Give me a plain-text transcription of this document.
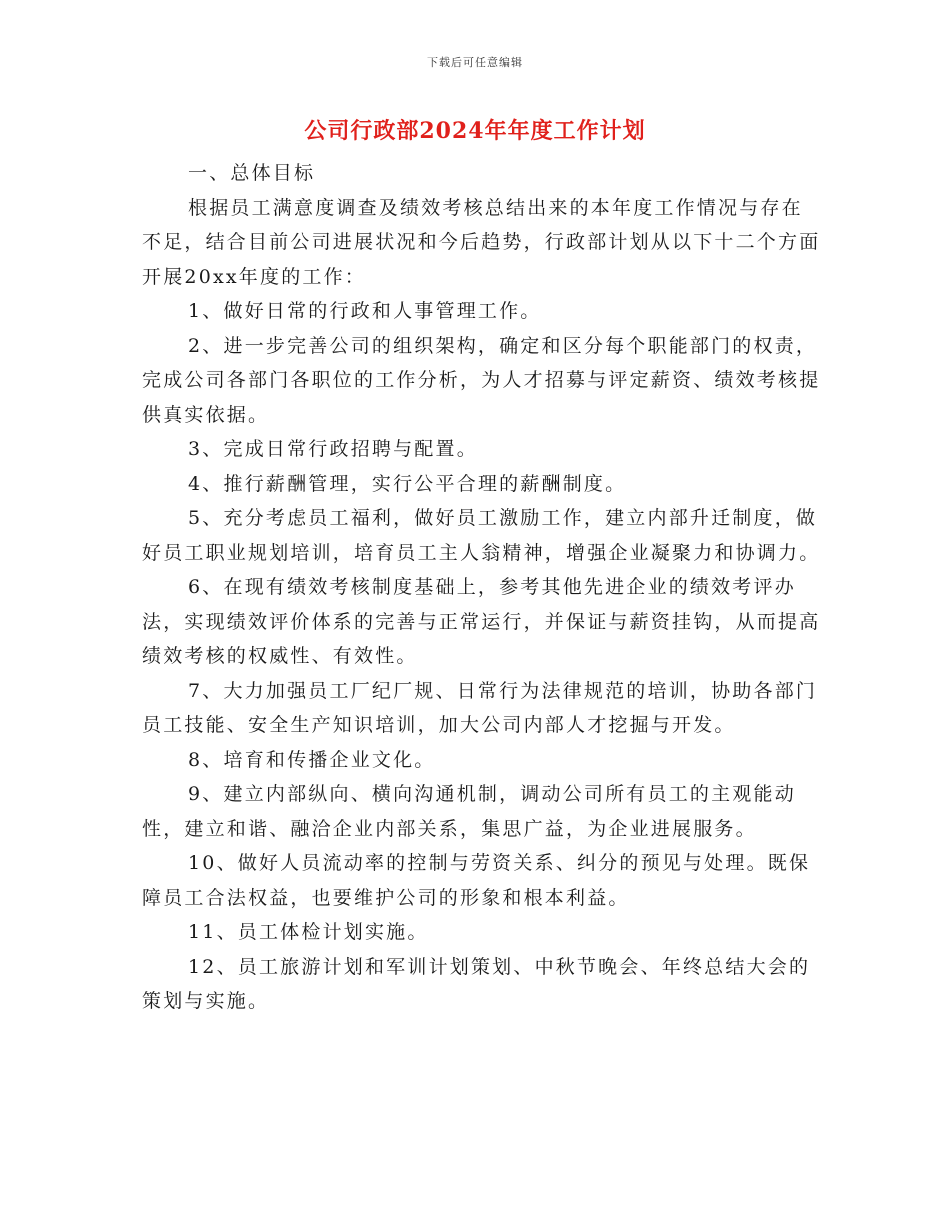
下载后可任意编辑
公司行政部2024年年度工作计划

一、总体目标

根据员工满意度调查及绩效考核总结出来的本年度工作情况与存在不足，结合目前公司进展状况和今后趋势，行政部计划从以下十二个方面开展20xx年度的工作：

1、做好日常的行政和人事管理工作。

2、进一步完善公司的组织架构，确定和区分每个职能部门的权责，完成公司各部门各职位的工作分析，为人才招募与评定薪资、绩效考核提供真实依据。

3、完成日常行政招聘与配置。

4、推行薪酬管理，实行公平合理的薪酬制度。

5、充分考虑员工福利，做好员工激励工作，建立内部升迁制度，做好员工职业规划培训，培育员工主人翁精神，增强企业凝聚力和协调力。

6、在现有绩效考核制度基础上，参考其他先进企业的绩效考评办法，实现绩效评价体系的完善与正常运行，并保证与薪资挂钩，从而提高绩效考核的权威性、有效性。

7、大力加强员工厂纪厂规、日常行为法律规范的培训，协助各部门员工技能、安全生产知识培训，加大公司内部人才挖掘与开发。

8、培育和传播企业文化。

9、建立内部纵向、横向沟通机制，调动公司所有员工的主观能动性，建立和谐、融洽企业内部关系，集思广益，为企业进展服务。

10、做好人员流动率的控制与劳资关系、纠分的预见与处理。既保障员工合法权益，也要维护公司的形象和根本利益。

11、员工体检计划实施。

12、员工旅游计划和军训计划策划、中秋节晚会、年终总结大会的策划与实施。
